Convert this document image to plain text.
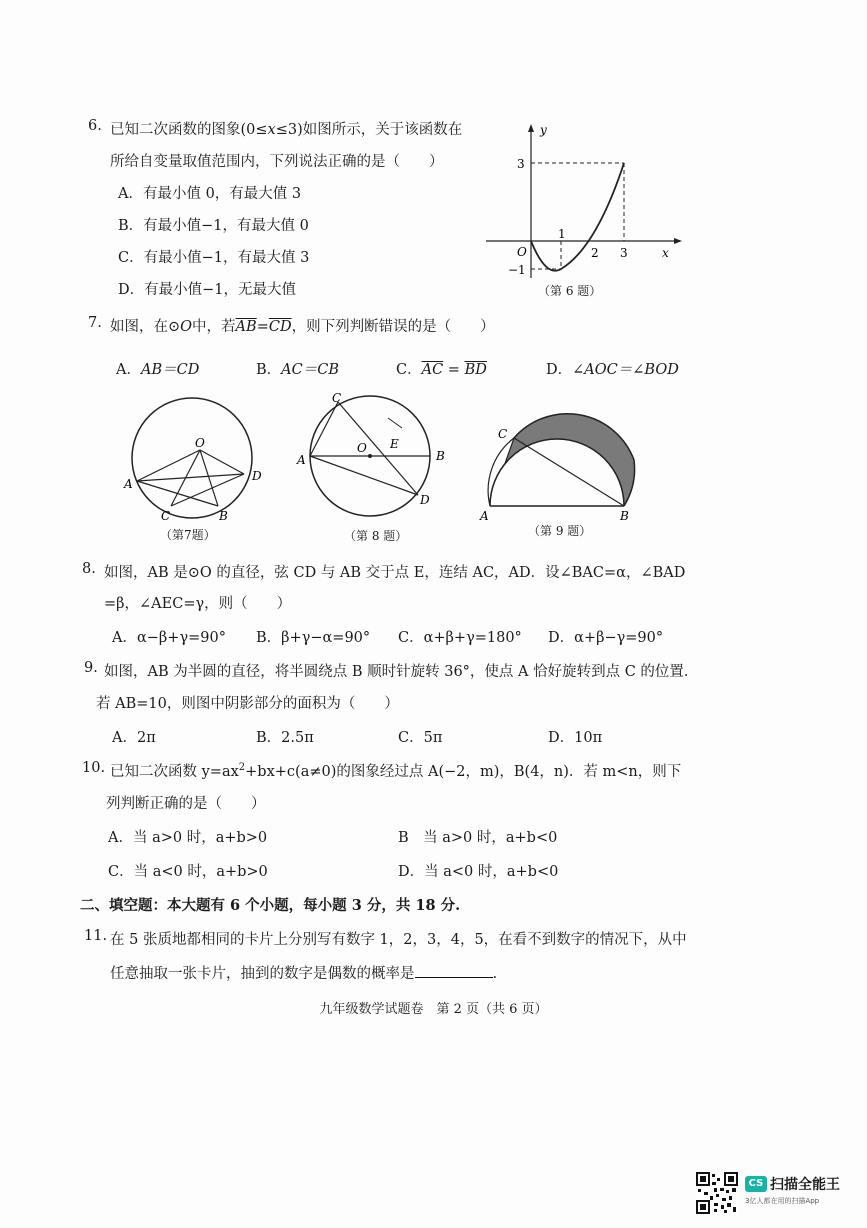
6. 已知二次函数的图象(0≤x≤3)如图所示，关于该函数在
所给自变量取值范围内，下列说法正确的是（　　）
A．有最小值 0，有最大值 3
B．有最小值−1，有最大值 0
C．有最小值−1，有最大值 3
D．有最小值−1，无最大值
y
x
O
3
−1
1
2 3
（第 6 题）
7. 如图，在⊙O中，若$\overline{AB}=\overline{CD}$，则下列判断错误的是（　　）
A．AB＝CD	B．AC＝CB	C．$\overline{AC} = \overline{BD}$	D．∠AOC＝∠BOD
O
A
D
C	B
（第7题）
C
O E
A	B
D
（第 8 题）
C
A	B
（第 9 题）
8. 如图，AB 是⊙O 的直径，弦 CD 与 AB 交于点 E，连结 AC，AD．设∠BAC=α，∠BAD
=β，∠AEC=γ，则（　　）
A．α−β+γ=90° B．β+γ−α=90° C．α+β+γ=180° D．α+β−γ=90°
9. 如图，AB 为半圆的直径，将半圆绕点 B 顺时针旋转 36°，使点 A 恰好旋转到点 C 的位置．
若 AB=10，则图中阴影部分的面积为（　　）
A．2π	B．2.5π	C．5π	D．10π
10. 已知二次函数 $y=ax^2+bx+c(a\ne 0)$的图象经过点 A(−2，m)，B(4，n)．若 m<n，则下
列判断正确的是（　　）
A．当 a>0 时，a+b>0	B　当 a>0 时，a+b<0
C．当 a<0 时，a+b>0	D．当 a<0 时，a+b<0
二、填空题：本大题有 6 个小题，每小题 3 分，共 18 分.
11. 在 5 张质地都相同的卡片上分别写有数字 1，2，3，4，5，在看不到数字的情况下，从中
任意抽取一张卡片，抽到的数字是偶数的概率是	.
九年级数学试题卷　第 2 页（共 6 页）
CS 扫描全能王
3亿人都在用的扫描App
